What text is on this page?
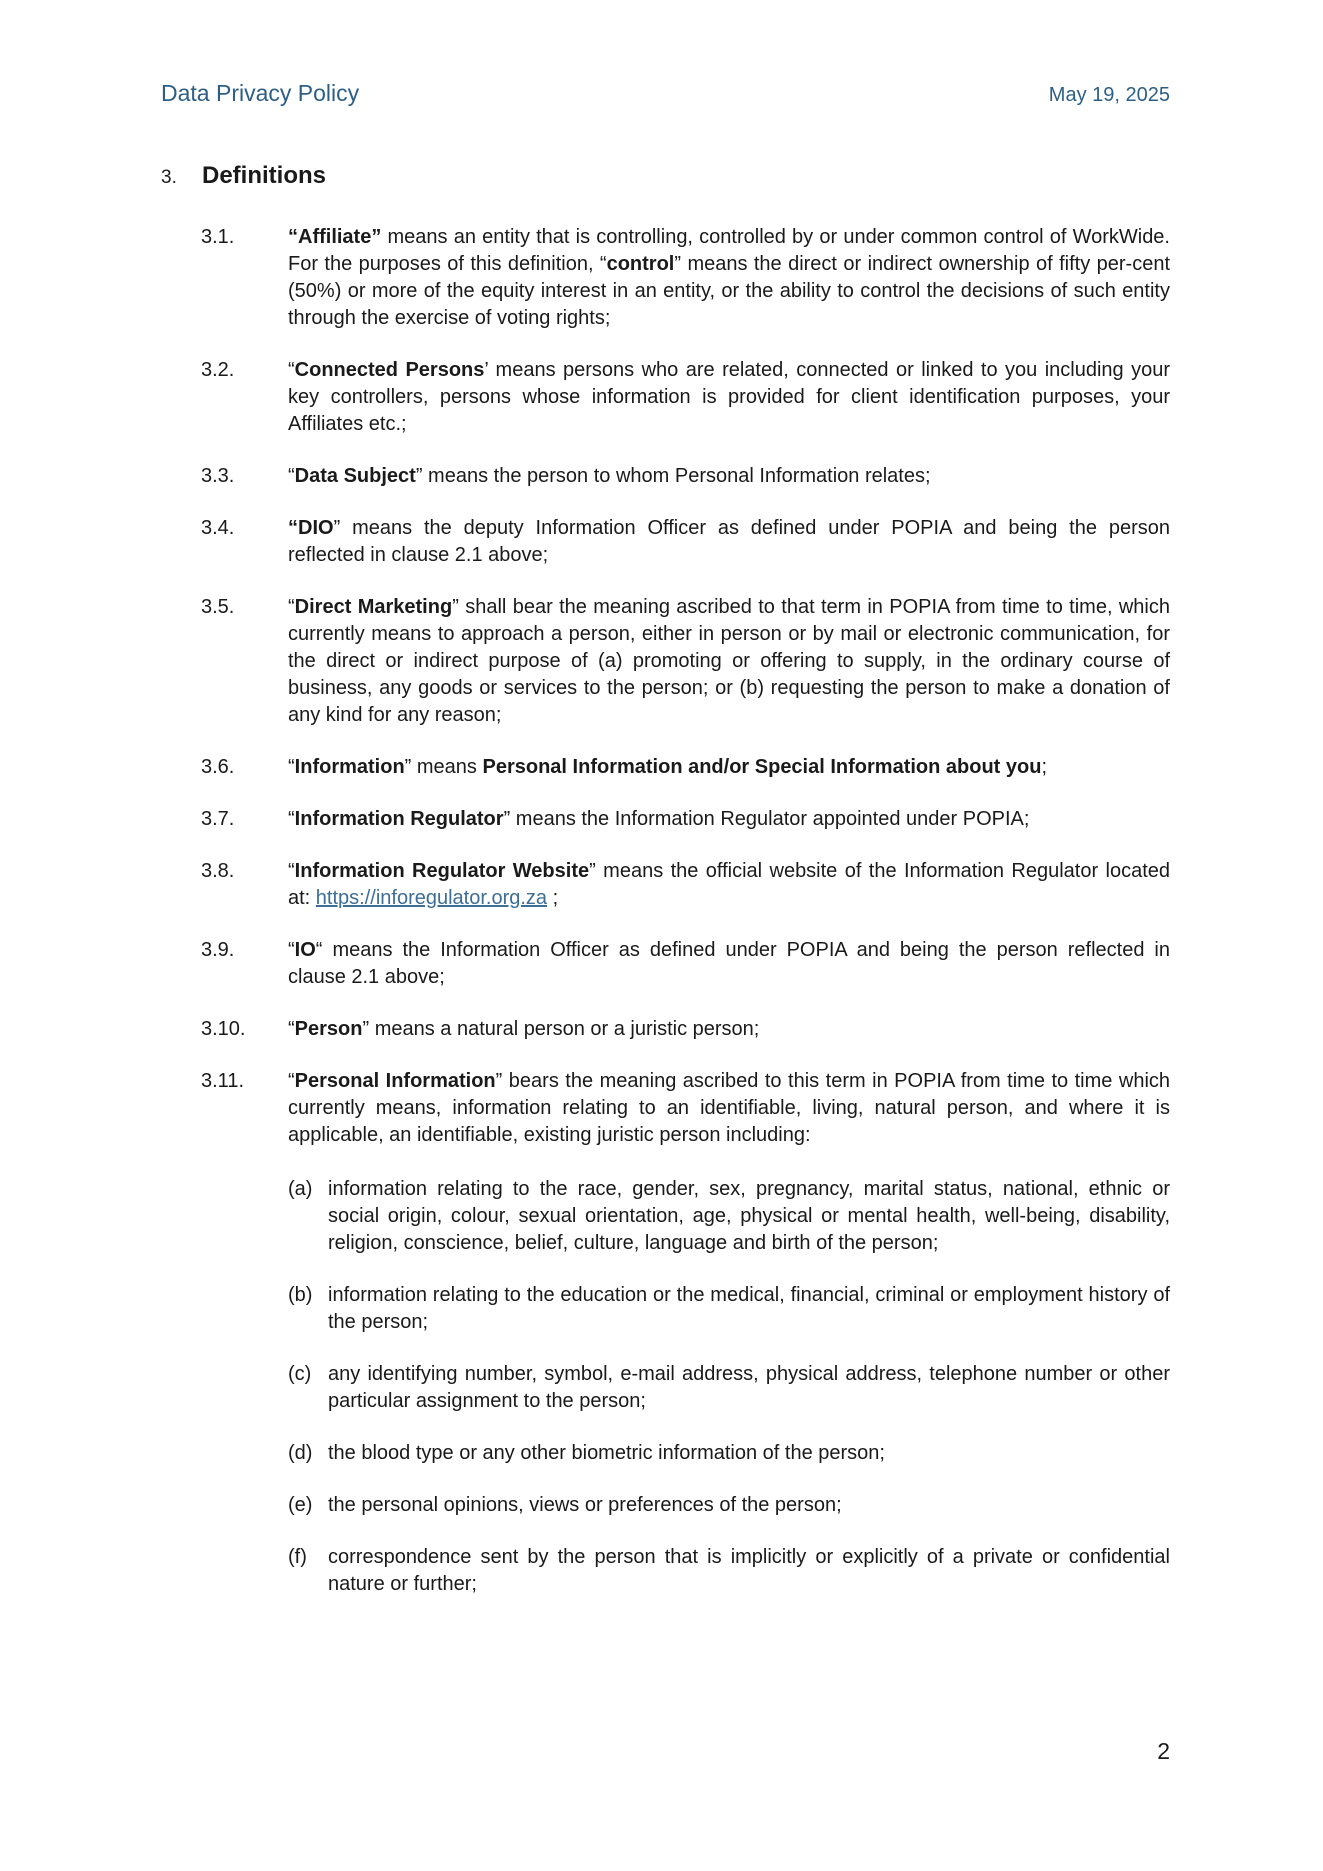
Data Privacy Policy	May 19, 2025
3.	Definitions
3.1.	“Affiliate” means an entity that is controlling, controlled by or under common control of WorkWide. For the purposes of this definition, “control” means the direct or indirect ownership of fifty per-cent (50%) or more of the equity interest in an entity, or the ability to control the decisions of such entity through the exercise of voting rights;
3.2.	“Connected Persons’ means persons who are related, connected or linked to you including your key controllers, persons whose information is provided for client identification purposes, your Affiliates etc.;
3.3.	“Data Subject” means the person to whom Personal Information relates;
3.4.	“DIO” means the deputy Information Officer as defined under POPIA and being the person reflected in clause 2.1 above;
3.5.	“Direct Marketing” shall bear the meaning ascribed to that term in POPIA from time to time, which currently means to approach a person, either in person or by mail or electronic communication, for the direct or indirect purpose of (a) promoting or offering to supply, in the ordinary course of business, any goods or services to the person; or (b) requesting the person to make a donation of any kind for any reason;
3.6.	“Information” means Personal Information and/or Special Information about you;
3.7.	“Information Regulator” means the Information Regulator appointed under POPIA;
3.8.	“Information Regulator Website” means the official website of the Information Regulator located at: https://inforegulator.org.za ;
3.9.	“IO“ means the Information Officer as defined under POPIA and being the person reflected in clause 2.1 above;
3.10.	“Person” means a natural person or a juristic person;
3.11.	“Personal Information” bears the meaning ascribed to this term in POPIA from time to time which currently means, information relating to an identifiable, living, natural person, and where it is applicable, an identifiable, existing juristic person including:
(a) information relating to the race, gender, sex, pregnancy, marital status, national, ethnic or social origin, colour, sexual orientation, age, physical or mental health, well-being, disability, religion, conscience, belief, culture, language and birth of the person;
(b) information relating to the education or the medical, financial, criminal or employment history of the person;
(c) any identifying number, symbol, e-mail address, physical address, telephone number or other particular assignment to the person;
(d) the blood type or any other biometric information of the person;
(e) the personal opinions, views or preferences of the person;
(f)	correspondence sent by the person that is implicitly or explicitly of a private or confidential nature or further;
2
